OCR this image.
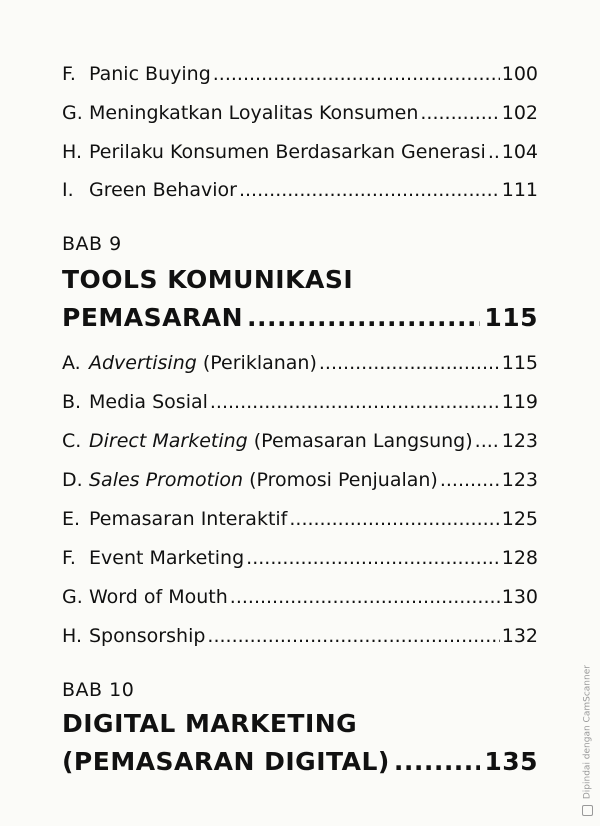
F. Panic Buying .....	100
G. Meningkatkan Loyalitas Konsumen .....	102
H. Perilaku Konsumen Berdasarkan Generasi ..... 104
I. Green Behavior .....	111
BAB 9
TOOLS KOMUNIKASI
PEMASARAN .....	115
A. Advertising (Periklanan) .....	115
B. Media Sosial .....	119
C. Direct Marketing (Pemasaran Langsung) ..... 123
D. Sales Promotion (Promosi Penjualan) .....	123
E. Pemasaran Interaktif .....	125
F. Event Marketing .....	128
G. Word of Mouth .....	130
H. Sponsorship .....	132
BAB 10
DIGITAL MARKETING
(PEMASARAN DIGITAL) .....	135	Dipindai dengan CamScanner
